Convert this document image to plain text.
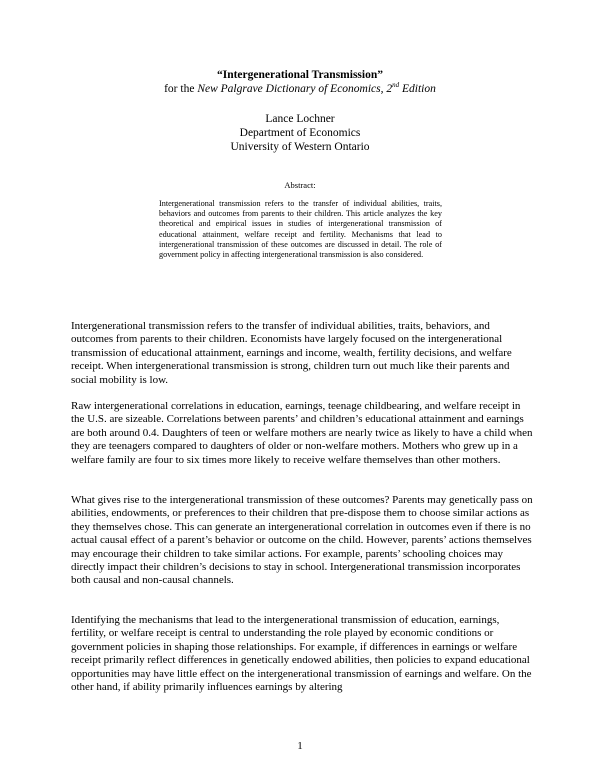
“Intergenerational Transmission”
for the New Palgrave Dictionary of Economics, 2nd Edition
Lance Lochner
Department of Economics
University of Western Ontario
Abstract:
Intergenerational transmission refers to the transfer of individual abilities, traits, behaviors and outcomes from parents to their children. This article analyzes the key theoretical and empirical issues in studies of intergenerational transmission of educational attainment, welfare receipt and fertility. Mechanisms that lead to intergenerational transmission of these outcomes are discussed in detail. The role of government policy in affecting intergenerational transmission is also considered.
Intergenerational transmission refers to the transfer of individual abilities, traits, behaviors, and outcomes from parents to their children. Economists have largely focused on the intergenerational transmission of educational attainment, earnings and income, wealth, fertility decisions, and welfare receipt. When intergenerational transmission is strong, children turn out much like their parents and social mobility is low.
Raw intergenerational correlations in education, earnings, teenage childbearing, and welfare receipt in the U.S. are sizeable. Correlations between parents’ and children’s educational attainment and earnings are both around 0.4. Daughters of teen or welfare mothers are nearly twice as likely to have a child when they are teenagers compared to daughters of older or non-welfare mothers. Mothers who grew up in a welfare family are four to six times more likely to receive welfare themselves than other mothers.
What gives rise to the intergenerational transmission of these outcomes? Parents may genetically pass on abilities, endowments, or preferences to their children that pre-dispose them to choose similar actions as they themselves chose. This can generate an intergenerational correlation in outcomes even if there is no actual causal effect of a parent’s behavior or outcome on the child. However, parents’ actions themselves may encourage their children to take similar actions. For example, parents’ schooling choices may directly impact their children’s decisions to stay in school. Intergenerational transmission incorporates both causal and non-causal channels.
Identifying the mechanisms that lead to the intergenerational transmission of education, earnings, fertility, or welfare receipt is central to understanding the role played by economic conditions or government policies in shaping those relationships. For example, if differences in earnings or welfare receipt primarily reflect differences in genetically endowed abilities, then policies to expand educational opportunities may have little effect on the intergenerational transmission of earnings and welfare. On the other hand, if ability primarily influences earnings by altering
1
